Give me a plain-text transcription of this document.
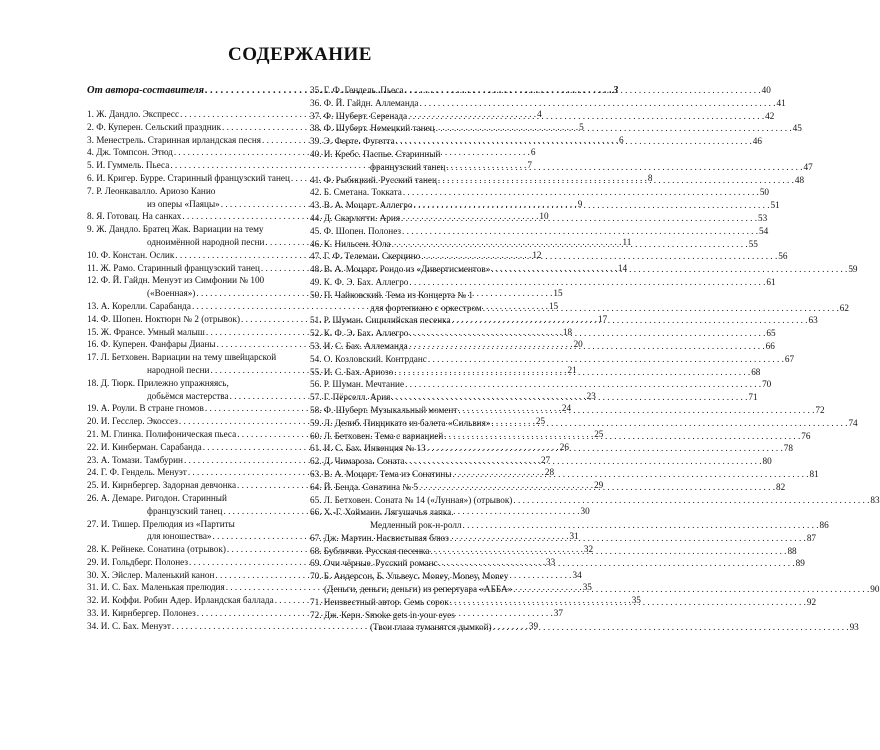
СОДЕРЖАНИЕ
От автора-составителя . . .	3
1. Ж. Дандло. Экспресс . . .	4
2. Ф. Куперен. Сельский праздник . . .	5
3. Менестрель. Старинная ирландская песня . . .	6
4. Дж. Томпсон. Этюд . . .	6
5. И. Гуммель. Пьеса . . .	7
6. И. Кригер. Бурре. Старинный французский танец . . .	8
7. Р. Леонкавалло. Ариозо Канио
из оперы «Паяцы» . . .	9
8. Я. Готовац. На санках . . .	10
9. Ж. Дандло. Братец Жак. Вариации на тему
одноимённой народной песни . . .	11
10. Ф. Констан. Ослик . . .	12
11. Ж. Рамо. Старинный французский танец . . .	14
12. Ф. Й. Гайдн. Менуэт из Симфонии № 100
(«Военная») . . .	15
13. А. Корелли. Сарабанда . . .	15
14. Ф. Шопен. Ноктюрн № 2 (отрывок) . . .	17
15. Ж. Франсе. Умный малыш . . .	18
16. Ф. Куперен. Фанфары Дианы . . .	20
17. Л. Бетховен. Вариации на тему швейцарской
народной песни . . .	21
18. Д. Тюрк. Прилежно упражняясь,
добьёмся мастерства . . .	23
19. А. Роули. В стране гномов . . .	24
20. И. Гесслер. Экоссез . . .	25
21. М. Глинка. Полифоническая пьеса . . .	25
22. И. Кинберман. Сарабанда . . .	26
23. А. Томази. Тамбурин . . .	27
24. Г. Ф. Гендель. Менуэт . . .	28
25. И. Кирнбергер. Задорная девчонка . . .	29
26. А. Демаре. Ригодон. Старинный
французский танец . . .	30
27. И. Тишер. Прелюдия из «Партиты
для юношества» . . .	31
28. К. Рейнеке. Сонатина (отрывок) . . .	32
29. И. Гольдберг. Полонез . . .	33
30. Х. Эйслер. Маленький канон . . .	34
31. И. С. Бах. Маленькая прелюдия . . .	35
32. И. Коффи. Робин Адер. Ирландская баллада . . .	35
33. И. Кирнбергер. Полонез . . .	37
34. И. С. Бах. Менуэт . . .	39
35. Г. Ф. Гендель. Пьеса . . .	40
36. Ф. Й. Гайдн. Аллеманда . . .	41
37. Ф. Шуберт. Серенада . . .	42
38. Ф. Шуберт. Немецкий танец . . .	45
39. Э. Ферте. Фугетта . . .	46
40. И. Кребс. Паспье. Старинный
французский танец . . .	47
41. Ф. Рыбицкий. Русский танец . . .	48
42. Б. Сметана. Токката . . .	50
43. В. А. Моцарт. Аллегро . . .	51
44. Д. Скарлатти. Ария . . .	53
45. Ф. Шопен. Полонез . . .	54
46. К. Нильсен. Юла . . .	55
47. Г. Ф. Телеман. Скерцино . . .	56
48. В. А. Моцарт. Рондо из «Дивертисментов» . . .	59
49. К. Ф. Э. Бах. Аллегро . . .	61
50. П. Чайковский. Тема из Концерта № 1
для фортепиано с оркестром . . .	62
51. Р. Шуман. Сицилийская песенка . . .	63
52. К. Ф. Э. Бах. Аллегро . . .	65
53. И. С. Бах. Аллеманда . . .	66
54. О. Козловский. Контрданс . . .	67
55. И. С. Бах. Ариозо . . .	68
56. Р. Шуман. Мечтание . . .	70
57. Г. Пёрселл. Ария . . .	71
58. Ф. Шуберт. Музыкальный момент . . .	72
59. Л. Делиб. Пиццикато из балета «Сильвия» . . .	74
60. Л. Бетховен. Тема с вариацией . . .	76
61. И. С. Бах. Инвенция № 13 . . .	78
62. Д. Чимароза. Соната . . .	80
63. В. А. Моцарт. Тема из Сонатины . . .	81
64. Й. Бенда. Сонатина № 5 . . .	82
65. Л. Бетховен. Соната № 14 («Лунная») (отрывок) . . .	83
66. Х.-Г. Хойманн. Лягушачья лапка.
Медленный рок-н-ролл . . .	86
67. Дж. Мартин. Насвистывая блюз . . .	87
68. Бублички. Русская песенка . . .	88
69. Очи чёрные. Русский романс . . .	89
70. Б. Андерсон, Б. Ульвеус. Money, Money, Money
(Деньги, деньги, деньги) из репертуара «АББА» . . .	90
71. Неизвестный автор. Семь сорок . . .	92
72. Дж. Керн. Smoke gets in your eyes
(Твои глаза туманятся дымкой) . . .	93
